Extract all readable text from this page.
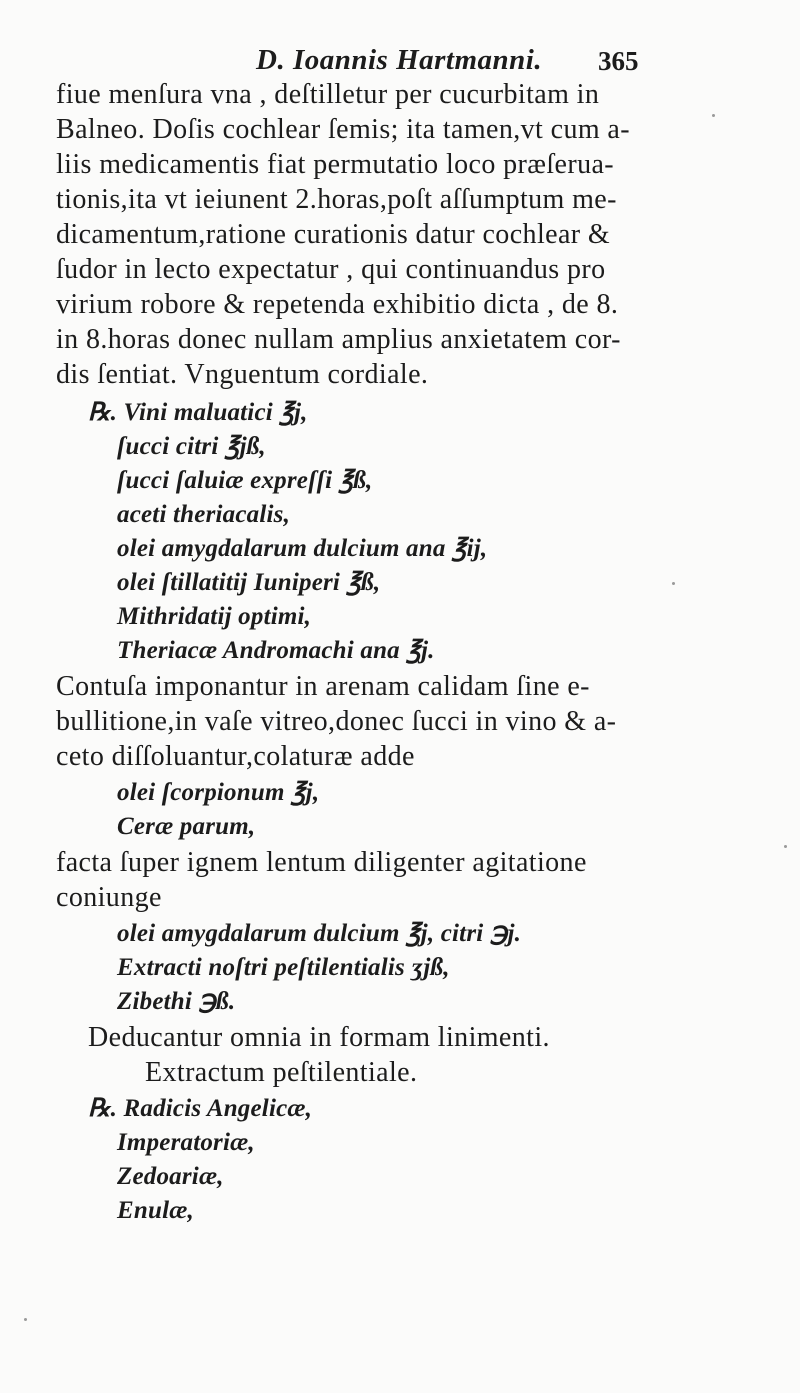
D. Ioannis Hartmanni. 365
fiue menſura vna , deſtilletur per cucurbitam in
Balneo. Doſis cochlear ſemis; ita tamen,vt cum a-
liis medicamentis fiat permutatio loco præſerua-
tionis,ita vt ieiunent 2.horas,poſt aſſumptum me-
dicamentum,ratione curationis datur cochlear &
ſudor in lecto expectatur , qui continuandus pro
virium robore & repetenda exhibitio dicta , de 8.
in 8.horas donec nullam amplius anxietatem cor-
dis ſentiat. Vnguentum cordiale.
℞. Vini maluatici ℥j,
ſucci citri ℥jß,
ſucci ſaluiæ expreſſi ℥ß,
aceti theriacalis,
olei amygdalarum dulcium ana ℥ij,
olei ſtillatitij Iuniperi ℥ß,
Mithridatij optimi,
Theriacæ Andromachi ana ℥j.
Contuſa imponantur in arenam calidam ſine e-
bullitione,in vaſe vitreo,donec ſucci in vino & a-
ceto diſſoluantur,colaturæ adde
olei ſcorpionum ℥j,
Ceræ parum,
facta ſuper ignem lentum diligenter agitatione
coniunge
olei amygdalarum dulcium ℥j, citri ℈j.
Extracti noſtri peſtilentialis ʒjß,
Zibethi ℈ß.
Deducantur omnia in formam linimenti.
Extractum peſtilentiale.
℞. Radicis Angelicæ,
Imperatoriæ,
Zedoariæ,
Enulæ,
